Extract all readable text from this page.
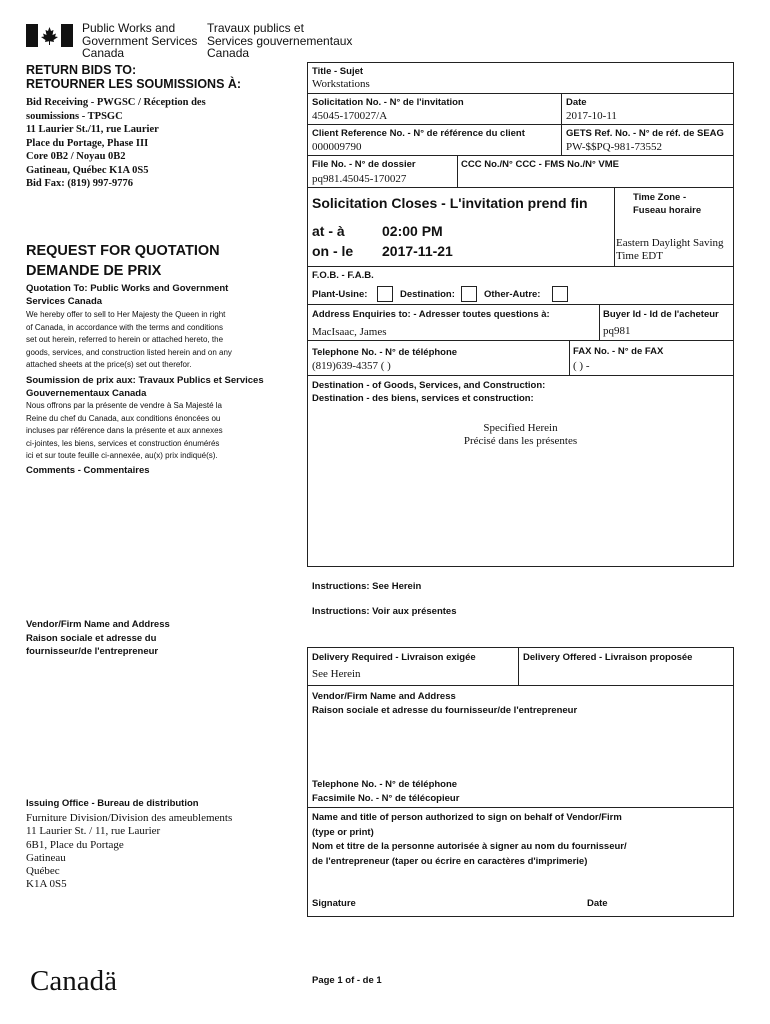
Public Works and
Government Services
Canada
Travaux publics et
Services gouvernementaux
Canada
RETURN BIDS TO:
RETOURNER LES SOUMISSIONS À:
Bid Receiving - PWGSC / Réception des
soumissions - TPSGC
11 Laurier St./11, rue Laurier
Place du Portage, Phase III
Core 0B2 / Noyau 0B2
Gatineau, Québec K1A 0S5
Bid Fax: (819) 997-9776
REQUEST FOR QUOTATION
DEMANDE DE PRIX
Quotation To: Public Works and Government
Services Canada
We hereby offer to sell to Her Majesty the Queen in right
of Canada, in accordance with the terms and conditions
set out herein, referred to herein or attached hereto, the
goods, services, and construction listed herein and on any
attached sheets at the price(s) set out therefor.
Soumission de prix aux: Travaux Publics et Services
Gouvernementaux Canada
Nous offrons par la présente de vendre à Sa Majesté la
Reine du chef du Canada, aux conditions énoncées ou
incluses par référence dans la présente et aux annexes
ci-jointes, les biens, services et construction énumérés
ici et sur toute feuille ci-annexée, au(x) prix indiqué(s).
Comments - Commentaires
Vendor/Firm Name and Address
Raison sociale et adresse du
fournisseur/de l'entrepreneur
Issuing Office - Bureau de distribution
Furniture Division/Division des ameublements
11 Laurier St. / 11, rue Laurier
6B1, Place du Portage
Gatineau
Québec
K1A 0S5
Title - Sujet
Workstations
Solicitation No. - N° de l'invitation
45045-170027/A
Date
2017-10-11
Client Reference No. - N° de référence du client
000009790
GETS Ref. No. - N° de réf. de SEAG
PW-$$PQ-981-73552
File No. - N° de dossier
pq981.45045-170027
CCC No./N° CCC - FMS No./N° VME
Solicitation Closes - L'invitation prend fin
at - à	02:00 PM
on - le 2017-11-21
Time Zone -
Fuseau horaire
Eastern Daylight Saving
Time EDT
F.O.B. - F.A.B.
Plant-Usine:	Destination:	Other-Autre:
Address Enquiries to: - Adresser toutes questions à:
MacIsaac, James
Buyer Id - Id de l'acheteur
pq981
Telephone No. - N° de téléphone
(819)639-4357 ( )
FAX No. - N° de FAX
( ) -
Destination - of Goods, Services, and Construction:
Destination - des biens, services et construction:
Specified Herein
Précisé dans les présentes
Instructions: See Herein
Instructions: Voir aux présentes
Delivery Required - Livraison exigée
See Herein
Delivery Offered - Livraison proposée
Vendor/Firm Name and Address
Raison sociale et adresse du fournisseur/de l'entrepreneur
Telephone No. - N° de téléphone
Facsimile No. - N° de télécopieur
Name and title of person authorized to sign on behalf of Vendor/Firm
(type or print)
Nom et titre de la personne autorisée à signer au nom du fournisseur/
de l'entrepreneur (taper ou écrire en caractères d'imprimerie)
Signature	Date
Canadä	Page 1 of - de 1
